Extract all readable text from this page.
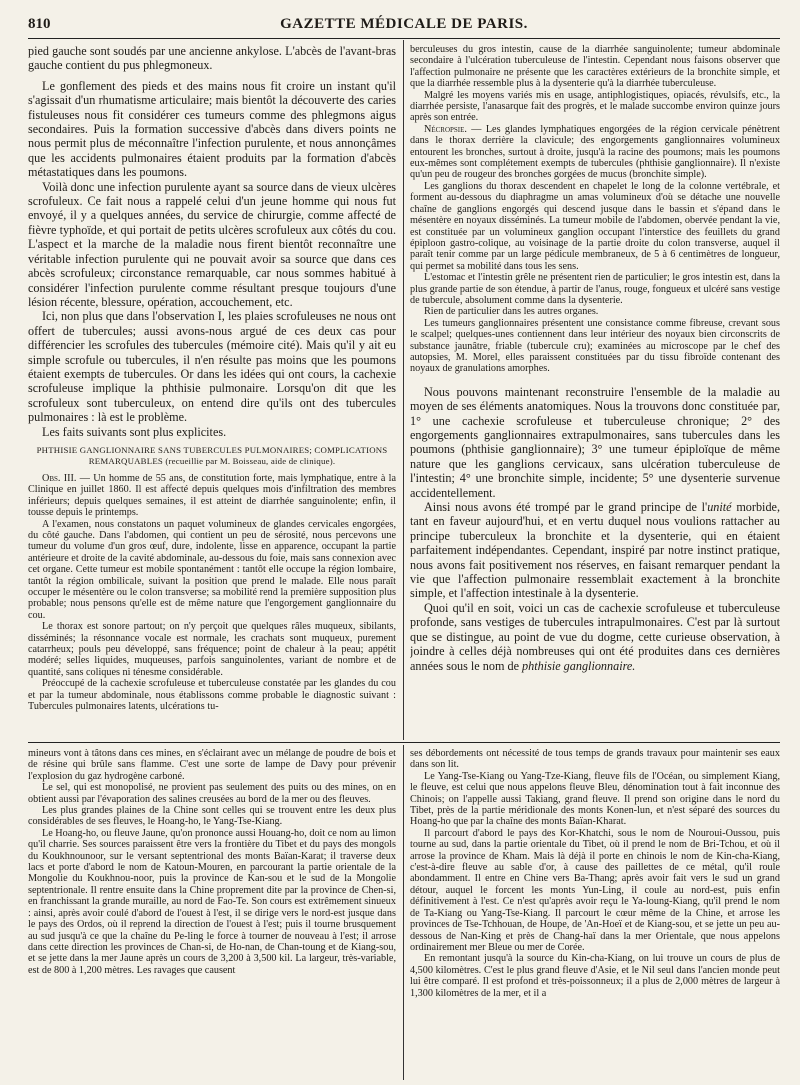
810	GAZETTE MÉDICALE DE PARIS.

pied gauche sont soudés par une ancienne ankylose. L'abcès de l'avant-bras gauche contient du pus phlegmoneux.

Le gonflement des pieds et des mains nous fit croire un instant qu'il s'agissait d'un rhumatisme articulaire; mais bientôt la découverte des caries fistuleuses nous fit considérer ces tumeurs comme des phlegmons aigus secondaires. Puis la formation successive d'abcès dans divers points ne nous permit plus de méconnaître l'infection purulente, et nous annonçâmes que les accidents pulmonaires étaient produits par la formation d'abcès métastatiques dans les poumons.

Voilà donc une infection purulente ayant sa source dans de vieux ulcères scrofuleux. Ce fait nous a rappelé celui d'un jeune homme qui nous fut envoyé, il y a quelques années, du service de chirurgie, comme affecté de fièvre typhoïde, et qui portait de petits ulcères scrofuleux aux côtés du cou. L'aspect et la marche de la maladie nous firent bientôt reconnaître une véritable infection purulente qui ne pouvait avoir sa source que dans ces abcès scrofuleux; circonstance remarquable, car nous sommes habitué à considérer l'infection purulente comme résultant presque toujours d'une lésion récente, blessure, opération, accouchement, etc.

Ici, non plus que dans l'observation I, les plaies scrofuleuses ne nous ont offert de tubercules; aussi avons-nous argué de ces deux cas pour différencier les scrofules des tubercules (mémoire cité). Mais qu'il y ait eu simple scrofule ou tubercules, il n'en résulte pas moins que les poumons étaient exempts de tubercules. Or dans les idées qui ont cours, la cachexie scrofuleuse implique la phthisie pulmonaire. Lorsqu'on dit que les scrofuleux sont tuberculeux, on entend dire qu'ils ont des tubercules pulmonaires : là est le problème.

Les faits suivants sont plus explicites.

PHTHISIE GANGLIONNAIRE SANS TUBERCULES PULMONAIRES; COMPLICATIONS REMARQUABLES (recueillie par M. Boisseau, aide de clinique).

Obs. III. — Un homme de 55 ans, de constitution forte, mais lymphatique, entre à la Clinique en juillet 1860. Il est affecté depuis quelques mois d'infiltration des membres inférieurs; depuis quelques semaines, il est atteint de diarrhée sanguinolente; enfin, il tousse depuis le printemps.

A l'examen, nous constatons un paquet volumineux de glandes cervicales engorgées, du côté gauche. Dans l'abdomen, qui contient un peu de sérosité, nous percevons une tumeur du volume d'un gros œuf, dure, indolente, lisse en apparence, occupant la partie antérieure et droite de la cavité abdominale, au-dessous du foie, mais sans connexion avec cet organe. Cette tumeur est mobile spontanément : tantôt elle occupe la région lombaire, tantôt la région ombilicale, suivant la position que prend le malade. Elle nous paraît occuper le mésentère ou le colon transverse; sa mobilité rend la première supposition plus probable; nous pensons qu'elle est de même nature que l'engorgement ganglionnaire du cou.

Le thorax est sonore partout; on n'y perçoit que quelques râles muqueux, sibilants, disséminés; la résonnance vocale est normale, les crachats sont muqueux, purement catarrheux; pouls peu développé, sans fréquence; point de chaleur à la peau; appétit modéré; selles liquides, muqueuses, parfois sanguinolentes, variant de nombre et de quantité, sans coliques ni ténesme considérable.

Préoccupé de la cachexie scrofuleuse et tuberculeuse constatée par les glandes du cou et par la tumeur abdominale, nous établissons comme probable le diagnostic suivant : Tubercules pulmonaires latents, ulcérations tu-

berculeuses du gros intestin, cause de la diarrhée sanguinolente; tumeur abdominale secondaire à l'ulcération tuberculeuse de l'intestin. Cependant nous faisons observer que l'affection pulmonaire ne présente que les caractères extérieurs de la bronchite simple, et que la diarrhée ressemble plus à la dysenterie qu'à la diarrhée tuberculeuse.

Malgré les moyens variés mis en usage, antiphlogistiques, opiacés, révulsifs, etc., la diarrhée persiste, l'anasarque fait des progrès, et le malade succombe environ quinze jours après son entrée.

Nécropsie. — Les glandes lymphatiques engorgées de la région cervicale pénètrent dans le thorax derrière la clavicule; des engorgements ganglionnaires volumineux entourent les bronches, surtout à droite, jusqu'à la racine des poumons; mais les poumons eux-mêmes sont complétement exempts de tubercules (phthisie ganglionnaire). Il n'existe qu'un peu de rougeur des bronches gorgées de mucus (bronchite simple).

Les ganglions du thorax descendent en chapelet le long de la colonne vertébrale, et forment au-dessous du diaphragme un amas volumineux d'où se détache une nouvelle chaîne de ganglions engorgés qui descend jusque dans le bassin et s'épand dans le mésentère en noyaux disséminés. La tumeur mobile de l'abdomen, obervée pendant la vie, est constituée par un volumineux ganglion occupant l'interstice des feuillets du grand épiploon gastro-colique, au voisinage de la partie droite du colon transverse, auquel il paraît tenir comme par un large pédicule membraneux, de 5 à 6 centimètres de longueur, qui permet sa mobilité dans tous les sens.

L'estomac et l'intestin grêle ne présentent rien de particulier; le gros intestin est, dans la plus grande partie de son étendue, à partir de l'anus, rouge, fongueux et ulcéré sans vestige de tubercule, absolument comme dans la dysenterie.

Rien de particulier dans les autres organes.

Les tumeurs ganglionnaires présentent une consistance comme fibreuse, crevant sous le scalpel; quelques-unes contiennent dans leur intérieur des noyaux bien circonscrits de substance jaunâtre, friable (tubercule cru); examinées au microscope par le chef des autopsies, M. Morel, elles paraissent constituées par du tissu fibroïde contenant des noyaux de granulations amorphes.

Nous pouvons maintenant reconstruire l'ensemble de la maladie au moyen de ses éléments anatomiques. Nous la trouvons donc constituée par, 1° une cachexie scrofuleuse et tuberculeuse chronique; 2° des engorgements ganglionnaires extrapulmonaires, sans tubercules dans les poumons (phthisie ganglionnaire); 3° une tumeur épiploïque de même nature que les ganglions cervicaux, sans ulcération tuberculeuse de l'intestin; 4° une bronchite simple, incidente; 5° une dysenterie survenue accidentellement.

Ainsi nous avons été trompé par le grand principe de l'unité morbide, tant en faveur aujourd'hui, et en vertu duquel nous voulions rattacher au principe tuberculeux la bronchite et la dysenterie, qui en étaient parfaitement indépendantes. Cependant, inspiré par notre instinct pratique, nous avons fait positivement nos réserves, en faisant remarquer pendant la vie que l'affection pulmonaire ressemblait exactement à la bronchite simple, et l'affection intestinale à la dysenterie.

Quoi qu'il en soit, voici un cas de cachexie scrofuleuse et tuberculeuse profonde, sans vestiges de tubercules intrapulmonaires. C'est par là surtout que se distingue, au point de vue du dogme, cette curieuse observation, à joindre à celles déjà nombreuses qui ont été produites dans ces dernières années sous le nom de phthisie ganglionnaire.

mineurs vont à tâtons dans ces mines, en s'éclairant avec un mélange de poudre de bois et de résine qui brûle sans flamme. C'est une sorte de lampe de Davy pour prévenir l'explosion du gaz hydrogène carboné.

Le sel, qui est monopolisé, ne provient pas seulement des puits ou des mines, on en obtient aussi par l'évaporation des salines creusées au bord de la mer ou des fleuves.

Les plus grandes plaines de la Chine sont celles qui se trouvent entre les deux plus considérables de ses fleuves, le Hoang-ho, le Yang-Tse-Kiang.

Le Hoang-ho, ou fleuve Jaune, qu'on prononce aussi Houang-ho, doit ce nom au limon qu'il charrie. Ses sources paraissent être vers la frontière du Tibet et du pays des mongols du Koukhnounoor, sur le versant septentrional des monts Baïan-Karat; il traverse deux lacs et porte d'abord le nom de Katoun-Mouren, en parcourant la partie orientale de la Mongolie du Koukhnou-noor, puis la province de Kan-sou et le sud de la Mongolie septentrionale. Il rentre ensuite dans la Chine proprement dite par la province de Chen-si, en franchissant la grande muraille, au nord de Fao-Te. Son cours est extrêmement sinueux : ainsi, après avoir coulé d'abord de l'ouest à l'est, il se dirige vers le nord-est jusque dans le pays des Ordos, où il reprend la direction de l'ouest à l'est; puis il tourne brusquement au sud jusqu'à ce que la chaîne du Pe-ling le force à tourner de nouveau à l'est; il arrose dans cette direction les provinces de Chan-si, de Ho-nan, de Chan-toung et de Kiang-sou, et se jette dans la mer Jaune après un cours de 3,200 à 3,500 kil. La largeur, très-variable, est de 800 à 1,200 mètres. Les ravages que causent

ses débordements ont nécessité de tous temps de grands travaux pour maintenir ses eaux dans son lit.

Le Yang-Tse-Kiang ou Yang-Tze-Kiang, fleuve fils de l'Océan, ou simplement Kiang, le fleuve, est celui que nous appelons fleuve Bleu, dénomination tout à fait inconnue des Chinois; on l'appelle aussi Takiang, grand fleuve. Il prend son origine dans le nord du Tibet, près de la partie méridionale des monts Konen-lun, et n'est séparé des sources du Hoang-ho que par la chaîne des monts Baïan-Kharat.

Il parcourt d'abord le pays des Kor-Khatchi, sous le nom de Nouroui-Oussou, puis tourne au sud, dans la partie orientale du Tibet, où il prend le nom de Bri-Tchou, et où il arrose la province de Kham. Mais là déjà il porte en chinois le nom de Kin-cha-Kiang, c'est-à-dire fleuve au sable d'or, à cause des paillettes de ce métal, qu'il roule abondamment. Il entre en Chine vers Ba-Thang; après avoir fait vers le sud un grand détour, auquel le forcent les monts Yun-Ling, il coule au nord-est, puis enfin définitivement à l'est. Ce n'est qu'après avoir reçu le Ya-loung-Kiang, qu'il prend le nom de Ta-Kiang ou Yang-Tse-Kiang. Il parcourt le cœur même de la Chine, et arrose les provinces de Tse-Tchhouan, de Houpe, de 'An-Hoeï et de Kiang-sou, et se jette un peu au-dessous de Nan-King et près de Chang-haï dans la mer Orientale, que nous appelons ordinairement mer Bleue ou mer de Corée.

En remontant jusqu'à la source du Kin-cha-Kiang, on lui trouve un cours de plus de 4,500 kilomètres. C'est le plus grand fleuve d'Asie, et le Nil seul dans l'ancien monde peut lui être comparé. Il est profond et très-poissonneux; il a plus de 2,000 mètres de largeur à 1,300 kilomètres de la mer, et il a
